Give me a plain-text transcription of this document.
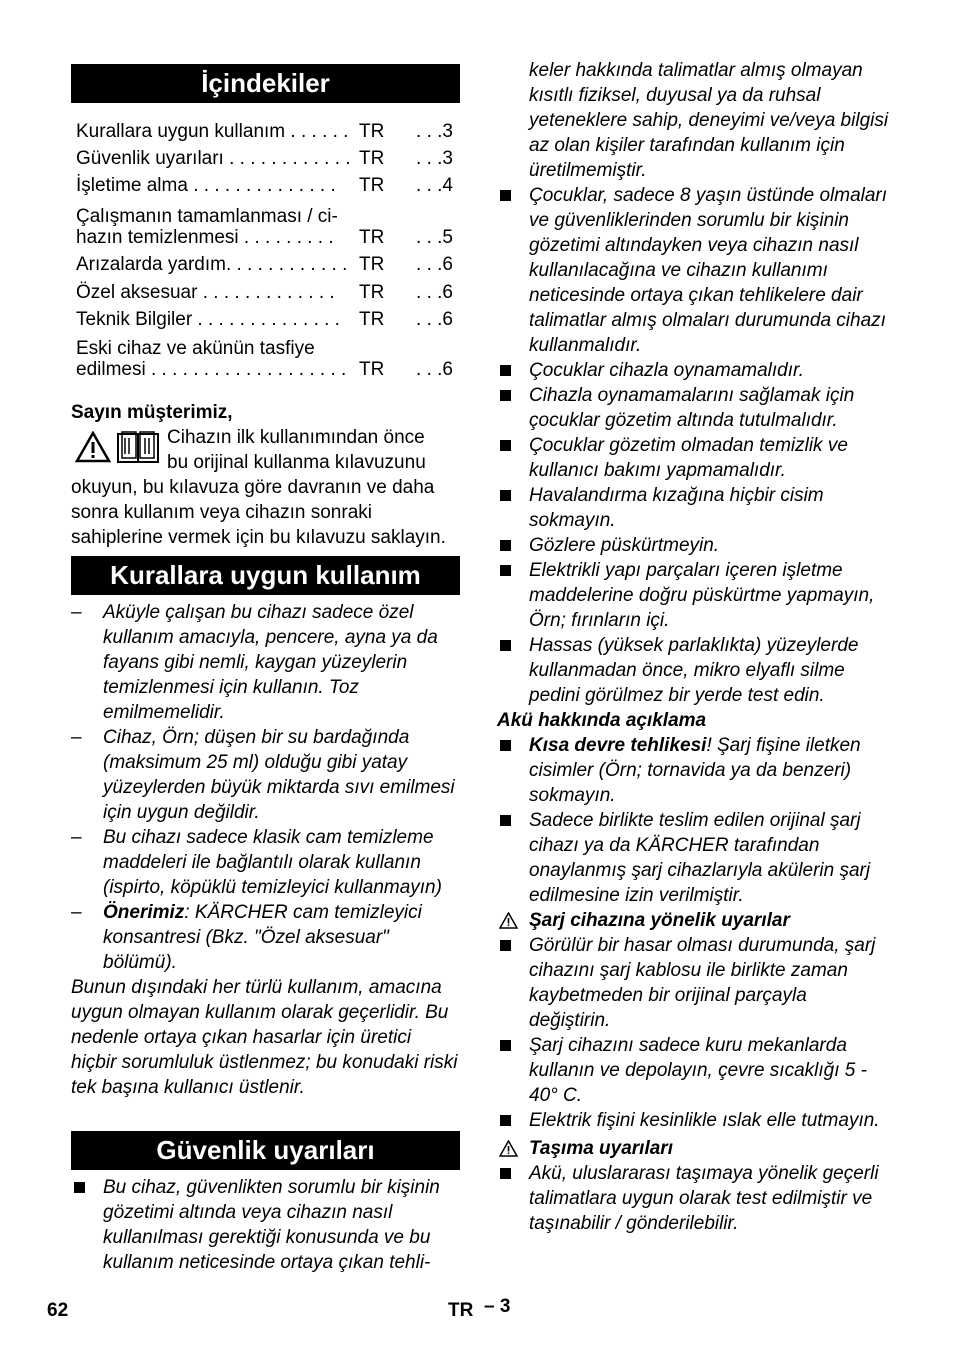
İçindekiler
Kurallara uygun kullanım . . . . . . TR	. . .3
Güvenlik uyarıları . . . . . . . . . . . . TR	. . .3
İşletime alma . . . . . . . . . . . . . .	TR	. . .4
Çalışmanın tamamlanması / ci-
hazın temizlenmesi . . . . . . . . .	TR	. . .5
Arızalarda yardım. . . . . . . . . . . . TR	. . .6
Özel aksesuar . . . . . . . . . . . . .	TR	. . .6
Teknik Bilgiler . . . . . . . . . . . . . .	TR	. . .6
Eski cihaz ve akünün tasfiye
edilmesi . . . . . . . . . . . . . . . . . . . TR	. . .6

Sayın müşterimiz,

Cihazın ilk kullanımından önce
bu orijinal kullanma kılavuzunu

okuyun, bu kılavuza göre davranın ve daha sonra kullanım veya cihazın sonraki sahiplerine vermek için bu kılavuzu saklayın.

Kurallara uygun kullanım
– Aküyle çalışan bu cihazı sadece özel kullanım amacıyla, pencere, ayna ya da fayans gibi nemli, kaygan yüzeylerin temizlenmesi için kullanın. Toz emilmemelidir.
– Cihaz, Örn; düşen bir su bardağında (maksimum 25 ml) olduğu gibi yatay yüzeylerden büyük miktarda sıvı emilmesi için uygun değildir.
– Bu cihazı sadece klasik cam temizleme maddeleri ile bağlantılı olarak kullanın (ispirto, köpüklü temizleyici kullanmayın)
– Önerimiz: KÄRCHER cam temizleyici konsantresi (Bkz. "Özel aksesuar" bölümü).

Bunun dışındaki her türlü kullanım, amacına uygun olmayan kullanım olarak geçerlidir. Bu nedenle ortaya çıkan hasarlar için üretici hiçbir sorumluluk üstlenmez; bu konudaki riski tek başına kullanıcı üstlenir.

Güvenlik uyarıları
Bu cihaz, güvenlikten sorumlu bir kişinin gözetimi altında veya cihazın nasıl kullanılması gerektiği konusunda ve bu kullanım neticesinde ortaya çıkan tehli-

keler hakkında talimatlar almış olmayan kısıtlı fiziksel, duyusal ya da ruhsal yeteneklere sahip, deneyimi ve/veya bilgisi az olan kişiler tarafından kullanım için üretilmemiştir.

Çocuklar, sadece 8 yaşın üstünde olmaları ve güvenliklerinden sorumlu bir kişinin gözetimi altındayken veya cihazın nasıl kullanılacağına ve cihazın kullanımı neticesinde ortaya çıkan tehlikelere dair talimatlar almış olmaları durumunda cihazı kullanmalıdır.
Çocuklar cihazla oynamamalıdır.
Cihazla oynamamalarını sağlamak için çocuklar gözetim altında tutulmalıdır.
Çocuklar gözetim olmadan temizlik ve kullanıcı bakımı yapmamalıdır.
Havalandırma kızağına hiçbir cisim sokmayın.
Gözlere püskürtmeyin.
Elektrikli yapı parçaları içeren işletme maddelerine doğru püskürtme yapmayın, Örn; fırınların içi.
Hassas (yüksek parlaklıkta) yüzeylerde kullanmadan önce, mikro elyaflı silme pedini görülmez bir yerde test edin.

Akü hakkında açıklama

Kısa devre tehlikesi! Şarj fişine iletken cisimler (Örn; tornavida ya da benzeri) sokmayın.
Sadece birlikte teslim edilen orijinal şarj cihazı ya da KÄRCHER tarafından onaylanmış şarj cihazlarıyla akülerin şarj edilmesine izin verilmiştir.
Şarj cihazına yönelik uyarılar
Görülür bir hasar olması durumunda, şarj cihazını şarj kablosu ile birlikte zaman kaybetmeden bir orijinal parçayla değiştirin.
Şarj cihazını sadece kuru mekanlarda kullanın ve depolayın, çevre sıcaklığı 5 - 40° C.
Elektrik fişini kesinlikle ıslak elle tutmayın.
Taşıma uyarıları
Akü, uluslararası taşımaya yönelik geçerli talimatlara uygun olarak test edilmiştir ve taşınabilir / gönderilebilir.
62	TR – 3
